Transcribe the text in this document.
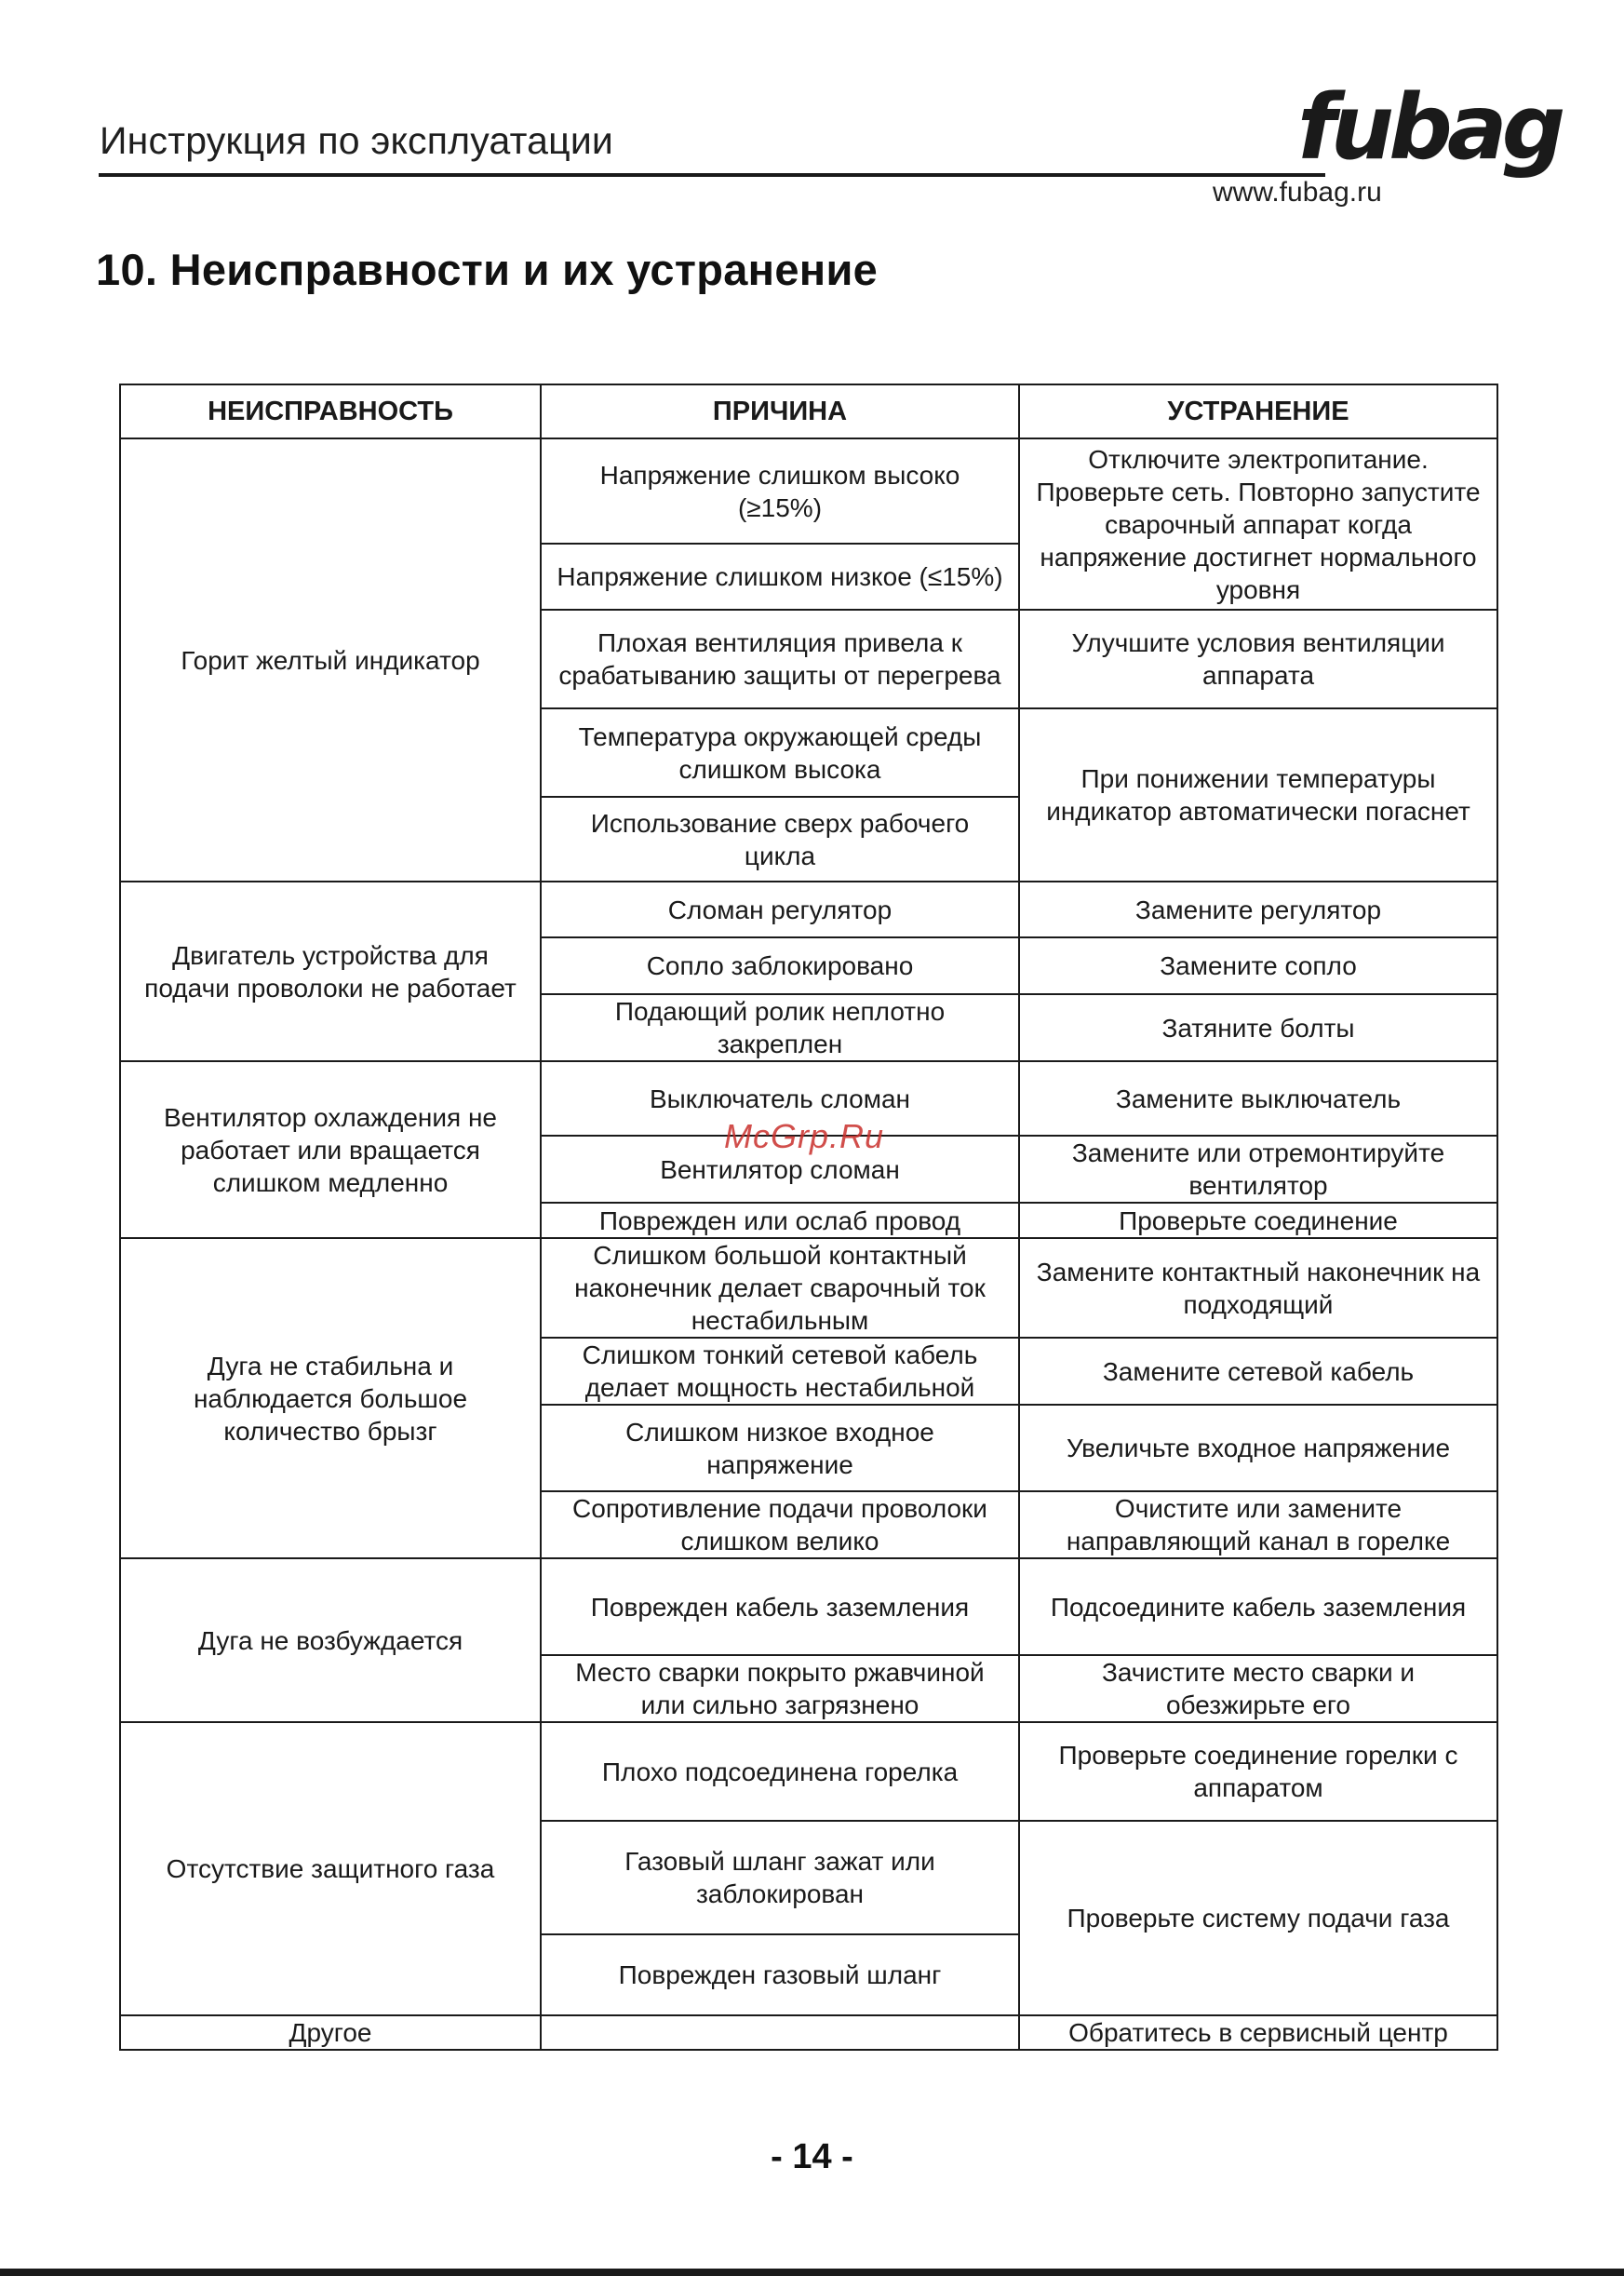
Инструкция по эксплуатации	fubag
www.fubag.ru
10. Неисправности и их устранение
НЕИСПРАВНОСТЬ	ПРИЧИНА	УСТРАНЕНИЕ
Горит желтый индикатор	Напряжение слишком высоко (≥15%)	Отключите электропитание. Проверьте сеть. Повторно запустите сварочный аппарат когда напряжение достигнет нормального уровня
	Напряжение слишком низкое (≤15%)	
	Плохая вентиляция привела к срабатыванию защиты от перегрева	Улучшите условия вентиляции аппарата
	Температура окружающей среды слишком высока	При понижении температуры индикатор автоматически погаснет
	Использование сверх рабочего цикла	
Двигатель устройства для подачи проволоки не работает	Сломан регулятор	Замените регулятор
	Сопло заблокировано	Замените сопло
	Подающий ролик неплотно закреплен	Затяните болты
Вентилятор охлаждения не работает или вращается слишком медленно	Выключатель сломан	Замените выключатель
	Вентилятор сломан	Замените или отремонтируйте вентилятор
	Поврежден или ослаб провод	Проверьте соединение
Дуга не стабильна и наблюдается большое количество брызг	Слишком большой контактный наконечник делает сварочный ток нестабильным	Замените контактный наконечник на подходящий
	Слишком тонкий сетевой кабель делает мощность нестабильной	Замените сетевой кабель
	Слишком низкое входное напряжение	Увеличьте входное напряжение
	Сопротивление подачи проволоки слишком велико	Очистите или замените направляющий канал в горелке
Дуга не возбуждается	Поврежден кабель заземления	Подсоедините кабель заземления
	Место сварки покрыто ржавчиной или сильно загрязнено	Зачистите место сварки и обезжирьте его
Отсутствие защитного газа	Плохо подсоединена горелка	Проверьте соединение горелки с аппаратом
	Газовый шланг зажат или заблокирован	Проверьте систему подачи газа
	Поврежден газовый шланг	
Другое		Обратитесь в сервисный центр
McGrp.Ru
- 14 -
